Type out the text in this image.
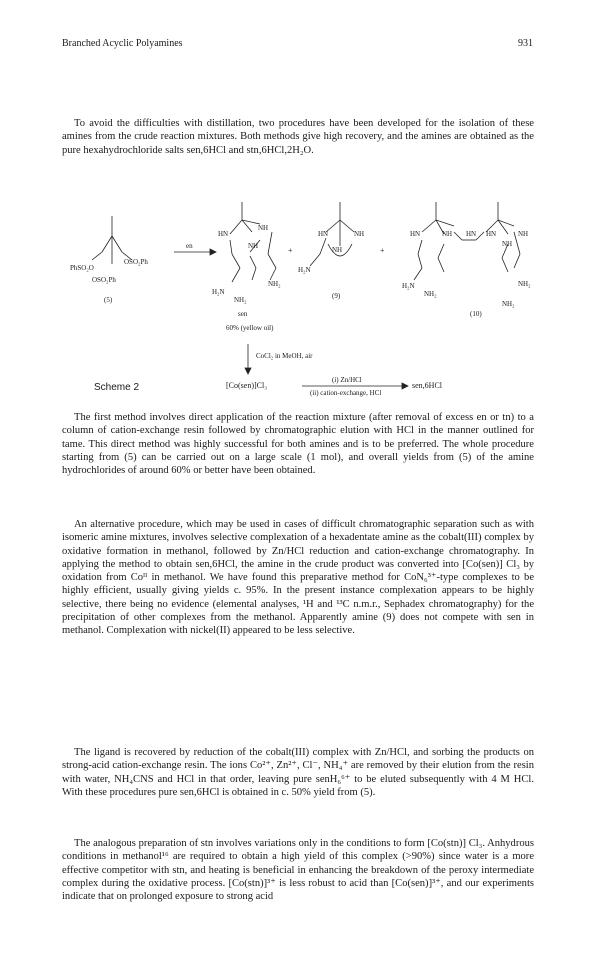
Branched Acyclic Polyamines	931

To avoid the difficulties with distillation, two procedures have been developed for the isolation of these amines from the crude reaction mixtures. Both methods give high recovery, and the amines are obtained as the pure hexahydrochloride salts sen,6HCl and stn,6HCl,2H₂O.

PhSO₂O
OSO₂Ph
OSO₂Ph
(5)
en
HN
NH
NH
H₂N
NH₂
NH₂
sen
60% (yellow oil)
+
HN	NH
NH
H₂N
(9)
+
HN	NH HN HN	NH
NH
H₂N
NH₂
NH₂
NH₂
(10)
CoCl₂ in MeOH, air
Scheme 2	[Co(sen)]Cl₃
(i) Zn/HCl
(ii) cation-exchange, HCl
sen,6HCl

The first method involves direct application of the reaction mixture (after removal of excess en or tn) to a column of cation-exchange resin followed by chromatographic elution with HCl in the manner outlined for tame. This direct method was highly successful for both amines and is to be preferred. The whole procedure starting from (5) can be carried out on a large scale (1 mol), and overall yields from (5) of the amine hydrochlorides of around 60% or better have been obtained.

An alternative procedure, which may be used in cases of difficult chromatographic separation such as with isomeric amine mixtures, involves selective complexation of a hexadentate amine as the cobalt(III) complex by oxidative formation in methanol, followed by Zn/HCl reduction and cation-exchange chromatography. In applying the method to obtain sen,6HCl, the amine in the crude product was converted into [Co(sen)] Cl₃ by oxidation from Coᴵᴵ in methanol. We have found this preparative method for CoN₆³⁺-type complexes to be highly efficient, usually giving yields c. 95%. In the present instance complexation appears to be highly selective, there being no evidence (elemental analyses, ¹H and ¹³C n.m.r., Sephadex chromatography) for the precipitation of other complexes from the methanol. Apparently amine (9) does not compete with sen in methanol. Complexation with nickel(II) appeared to be less selective.

The ligand is recovered by reduction of the cobalt(III) complex with Zn/HCl, and sorbing the products on strong-acid cation-exchange resin. The ions Co²⁺, Zn²⁺, Cl⁻, NH₄⁺ are removed by their elution from the resin with water, NH₄CNS and HCl in that order, leaving pure senH₆⁶⁺ to be eluted subsequently with 4 M HCl. With these procedures pure sen,6HCl is obtained in c. 50% yield from (5).

The analogous preparation of stn involves variations only in the conditions to form [Co(stn)] Cl₃. Anhydrous conditions in methanol¹⁶ are required to obtain a high yield of this complex (>90%) since water is a more effective competitor with stn, and heating is beneficial in enhancing the breakdown of the peroxy intermediate complex during the oxidative process. [Co(stn)]³⁺ is less robust to acid than [Co(sen)]³⁺, and our experiments indicate that on prolonged exposure to strong acid
